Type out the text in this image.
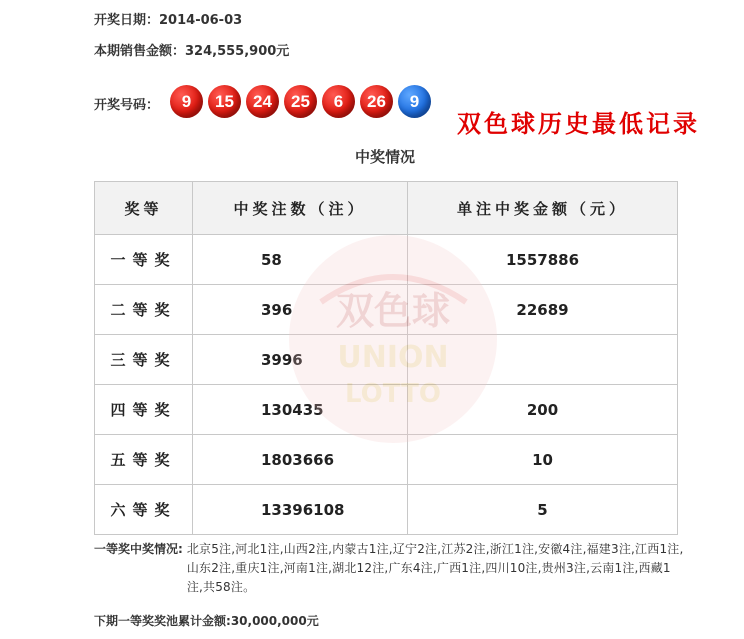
开奖日期：2014-06-03
本期销售金额：324,555,900元
开奖号码：	9	15	24	25	6	26	9
双色球历史最低记录
中奖情况
奖等	中奖注数（注）	单注中奖金额（元）
一等奖	58	1557886
二等奖	396	22689
三等奖	3996	
四等奖	130435	200
五等奖	1803666	10
六等奖	13396108	5
双色球
UNION
LOTTO
一等奖中奖情况: 北京5注,河北1注,山西2注,内蒙古1注,辽宁2注,江苏2注,浙江1注,安徽4注,福建3注,江西1注,山东2注,重庆1注,河南1注,湖北12注,广东4注,广西1注,四川10注,贵州3注,云南1注,西藏1注,共58注。
下期一等奖奖池累计金额:30,000,000元
